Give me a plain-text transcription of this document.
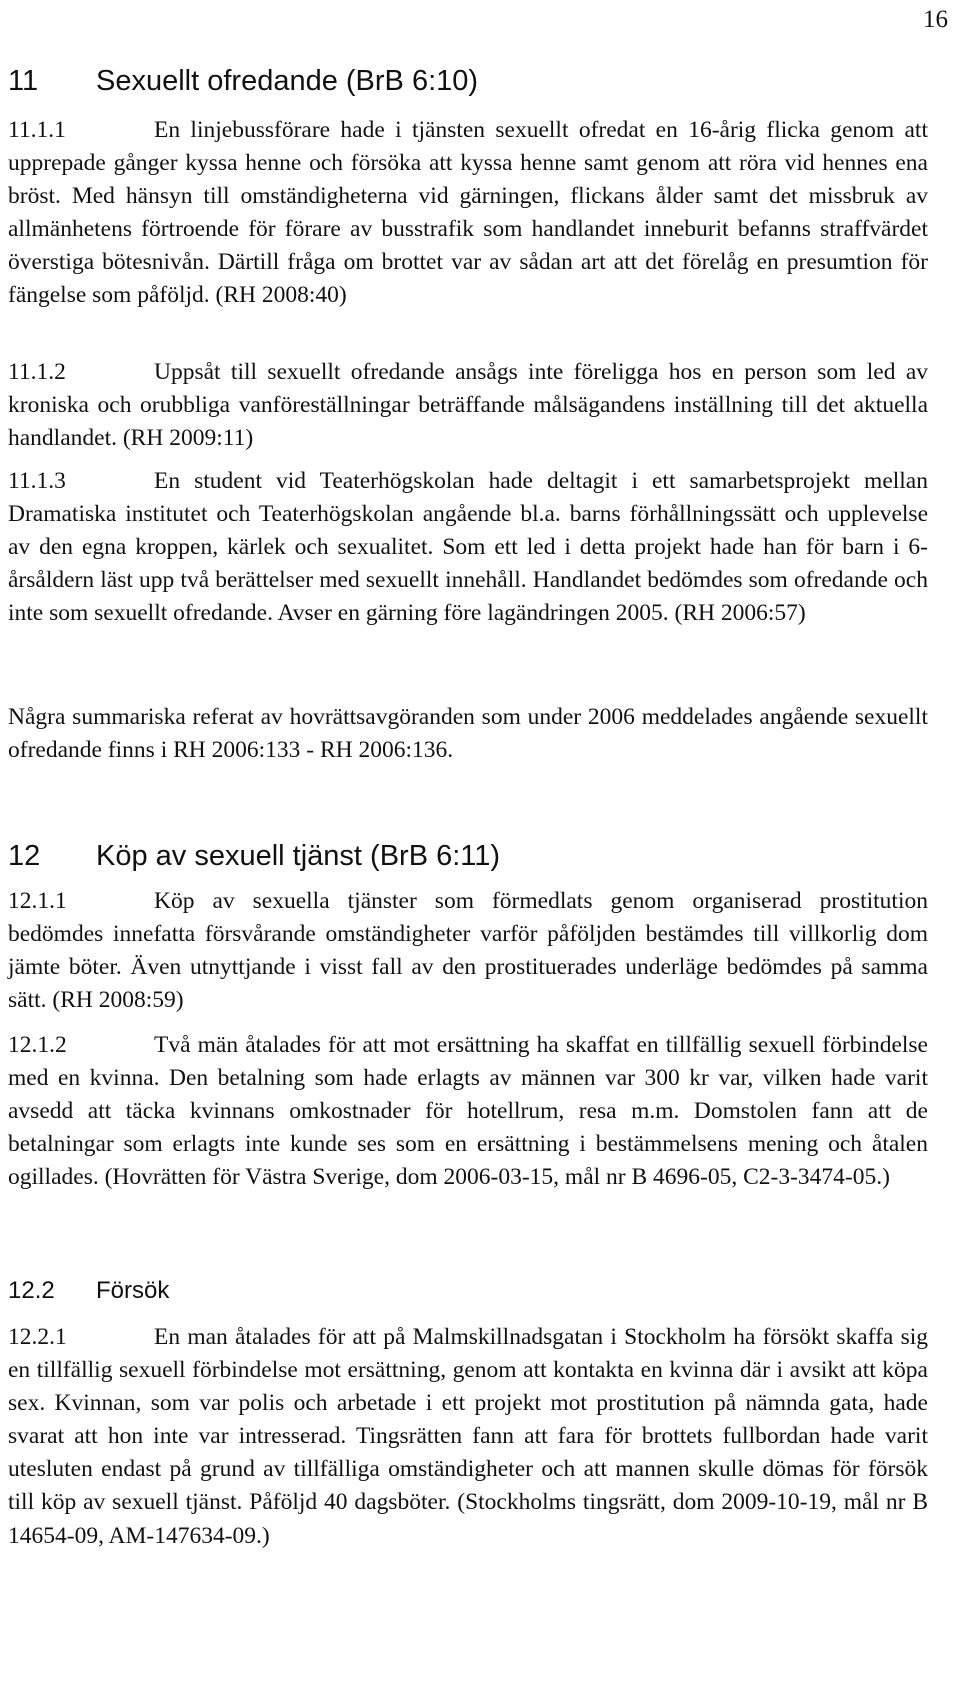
16
11 Sexuellt ofredande (BrB 6:10)

11.1.1	En linjebussförare hade i tjänsten sexuellt ofredat en 16-årig flicka genom att upprepade gånger kyssa henne och försöka att kyssa henne samt genom att röra vid hennes ena bröst. Med hänsyn till omständigheterna vid gärningen, flickans ålder samt det missbruk av allmänhetens förtroende för förare av busstrafik som handlandet inneburit befanns straffvärdet överstiga bötesnivån. Därtill fråga om brottet var av sådan art att det förelåg en presumtion för fängelse som påföljd. (RH 2008:40)

11.1.2	Uppsåt till sexuellt ofredande ansågs inte föreligga hos en person som led av kroniska och orubbliga vanföreställningar beträffande målsägandens inställning till det aktuella handlandet. (RH 2009:11)

11.1.3	En student vid Teaterhögskolan hade deltagit i ett samarbetsprojekt mellan Dramatiska institutet och Teaterhögskolan angående bl.a. barns förhållningssätt och upplevelse av den egna kroppen, kärlek och sexualitet. Som ett led i detta projekt hade han för barn i 6-årsåldern läst upp två berättelser med sexuellt innehåll. Handlandet bedömdes som ofredande och inte som sexuellt ofredande. Avser en gärning före lagändringen 2005. (RH 2006:57)

Några summariska referat av hovrättsavgöranden som under 2006 meddelades angående sexuellt ofredande finns i RH 2006:133 - RH 2006:136.

12 Köp av sexuell tjänst (BrB 6:11)

12.1.1	Köp av sexuella tjänster som förmedlats genom organiserad prostitution bedömdes innefatta försvårande omständigheter varför påföljden bestämdes till villkorlig dom jämte böter. Även utnyttjande i visst fall av den prostituerades underläge bedömdes på samma sätt. (RH 2008:59)

12.1.2	Två män åtalades för att mot ersättning ha skaffat en tillfällig sexuell förbindelse med en kvinna. Den betalning som hade erlagts av männen var 300 kr var, vilken hade varit avsedd att täcka kvinnans omkostnader för hotellrum, resa m.m. Domstolen fann att de betalningar som erlagts inte kunde ses som en ersättning i bestämmelsens mening och åtalen ogillades. (Hovrätten för Västra Sverige, dom 2006-03-15, mål nr B 4696-05, C2-3-3474-05.)

12.2 Försök

12.2.1	En man åtalades för att på Malmskillnadsgatan i Stockholm ha försökt skaffa sig en tillfällig sexuell förbindelse mot ersättning, genom att kontakta en kvinna där i avsikt att köpa sex. Kvinnan, som var polis och arbetade i ett projekt mot prostitution på nämnda gata, hade svarat att hon inte var intresserad. Tingsrätten fann att fara för brottets fullbordan hade varit utesluten endast på grund av tillfälliga omständigheter och att mannen skulle dömas för försök till köp av sexuell tjänst. Påföljd 40 dagsböter. (Stockholms tingsrätt, dom 2009-10-19, mål nr B 14654-09, AM-147634-09.)
